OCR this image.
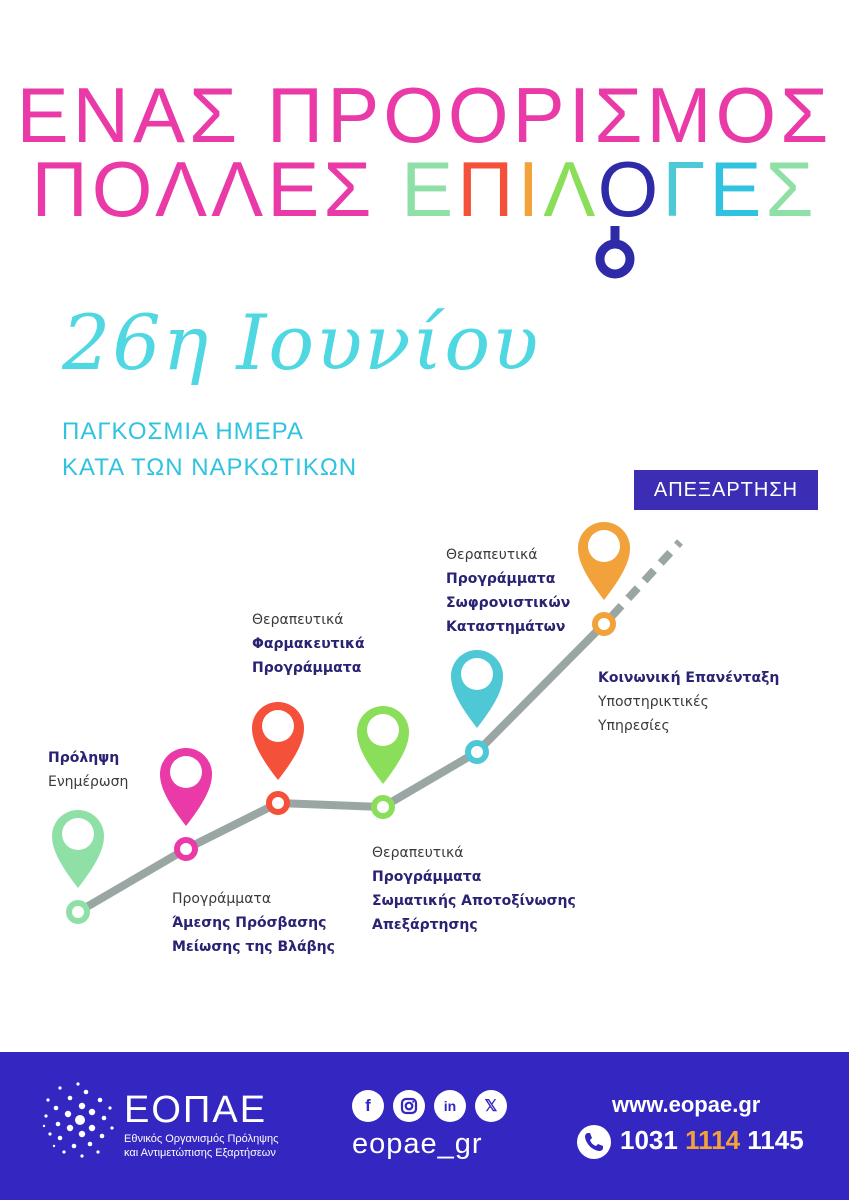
ΕΝΑΣ ΠΡΟΟΡΙΣΜΟΣ
ΠΟΛΛΕΣ ΕΠΙΛΟΓΕΣ
26η Ιουνίου
ΠΑΓΚΟΣΜΙΑ ΗΜΕΡΑ
ΚΑΤΑ ΤΩΝ ΝΑΡΚΩΤΙΚΩΝ
ΑΠΕΞΑΡΤΗΣΗ
Πρόληψη
Ενημέρωση
Προγράμματα
Άμεσης Πρόσβασης
Μείωσης της Βλάβης
Θεραπευτικά
Φαρμακευτικά
Προγράμματα
Θεραπευτικά
Προγράμματα
Σωματικής Αποτοξίνωσης
Απεξάρτησης
Θεραπευτικά
Προγράμματα
Σωφρονιστικών
Καταστημάτων
Κοινωνική Επανένταξη
Υποστηρικτικές
Υπηρεσίες
ΕΟΠΑΕ
Εθνικός Οργανισμός Πρόληψης
και Αντιμετώπισης Εξαρτήσεων
f	in	𝕏
eopae_gr
www.eopae.gr
1031 1114 1145
